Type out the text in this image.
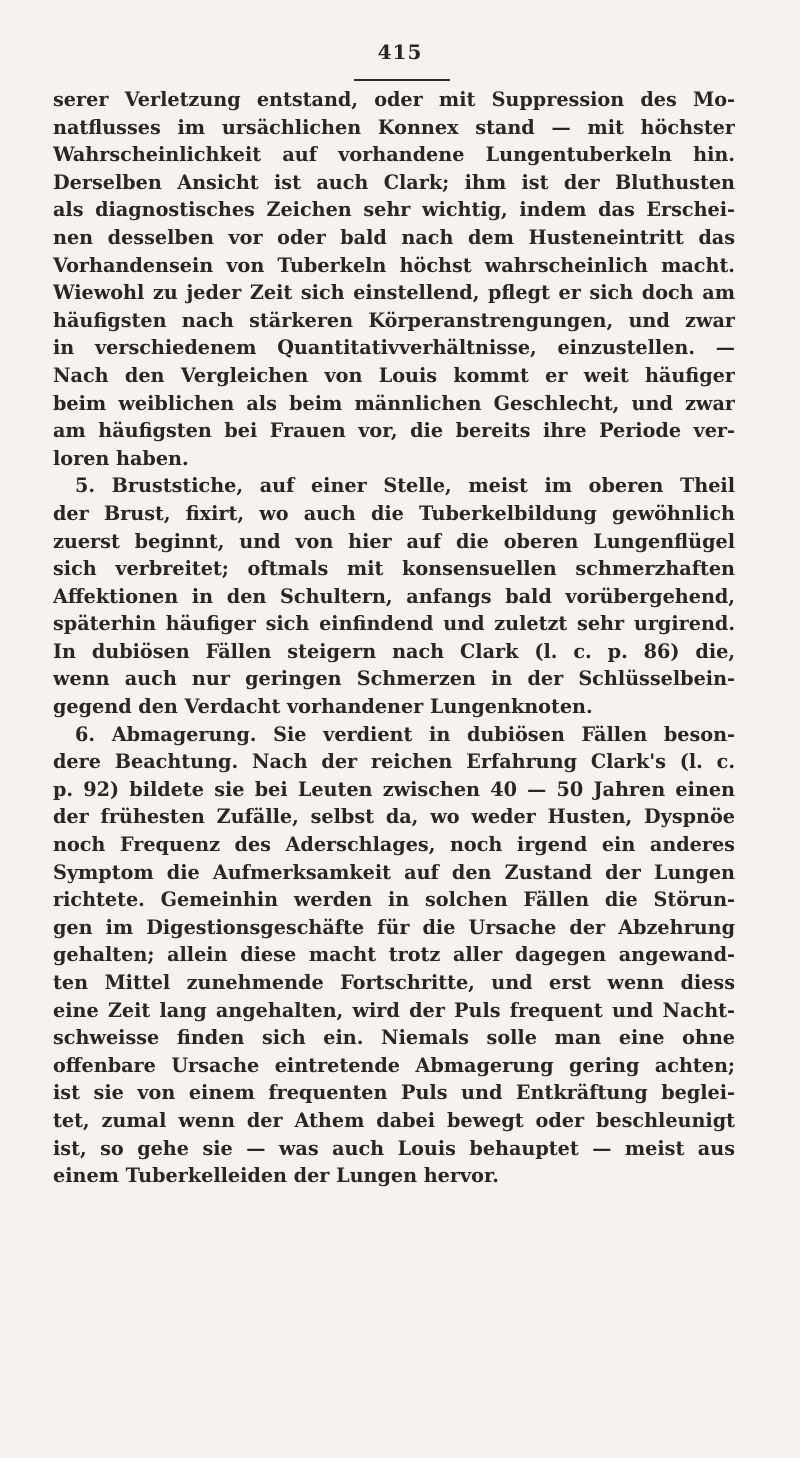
415
serer Verletzung entstand, oder mit Suppression des Mo-
natflusses im ursächlichen Konnex stand — mit höchster
Wahrscheinlichkeit auf vorhandene Lungentuberkeln hin.
Derselben Ansicht ist auch Clark; ihm ist der Bluthusten
als diagnostisches Zeichen sehr wichtig, indem das Erschei-
nen desselben vor oder bald nach dem Husteneintritt das
Vorhandensein von Tuberkeln höchst wahrscheinlich macht.
Wiewohl zu jeder Zeit sich einstellend, pflegt er sich doch am
häufigsten nach stärkeren Körperanstrengungen, und zwar
in verschiedenem Quantitativverhältnisse, einzustellen. —
Nach den Vergleichen von Louis kommt er weit häufiger
beim weiblichen als beim männlichen Geschlecht, und zwar
am häufigsten bei Frauen vor, die bereits ihre Periode ver-
loren haben.
5. Bruststiche, auf einer Stelle, meist im oberen Theil
der Brust, fixirt, wo auch die Tuberkelbildung gewöhnlich
zuerst beginnt, und von hier auf die oberen Lungenflügel
sich verbreitet; oftmals mit konsensuellen schmerzhaften
Affektionen in den Schultern, anfangs bald vorübergehend,
späterhin häufiger sich einfindend und zuletzt sehr urgirend.
In dubiösen Fällen steigern nach Clark (l. c. p. 86) die,
wenn auch nur geringen Schmerzen in der Schlüsselbein-
gegend den Verdacht vorhandener Lungenknoten.
6. Abmagerung. Sie verdient in dubiösen Fällen beson-
dere Beachtung. Nach der reichen Erfahrung Clark's (l. c.
p. 92) bildete sie bei Leuten zwischen 40 — 50 Jahren einen
der frühesten Zufälle, selbst da, wo weder Husten, Dyspnöe
noch Frequenz des Aderschlages, noch irgend ein anderes
Symptom die Aufmerksamkeit auf den Zustand der Lungen
richtete. Gemeinhin werden in solchen Fällen die Störun-
gen im Digestionsgeschäfte für die Ursache der Abzehrung
gehalten; allein diese macht trotz aller dagegen angewand-
ten Mittel zunehmende Fortschritte, und erst wenn diess
eine Zeit lang angehalten, wird der Puls frequent und Nacht-
schweisse finden sich ein. Niemals solle man eine ohne
offenbare Ursache eintretende Abmagerung gering achten;
ist sie von einem frequenten Puls und Entkräftung beglei-
tet, zumal wenn der Athem dabei bewegt oder beschleunigt
ist, so gehe sie — was auch Louis behauptet — meist aus
einem Tuberkelleiden der Lungen hervor.
